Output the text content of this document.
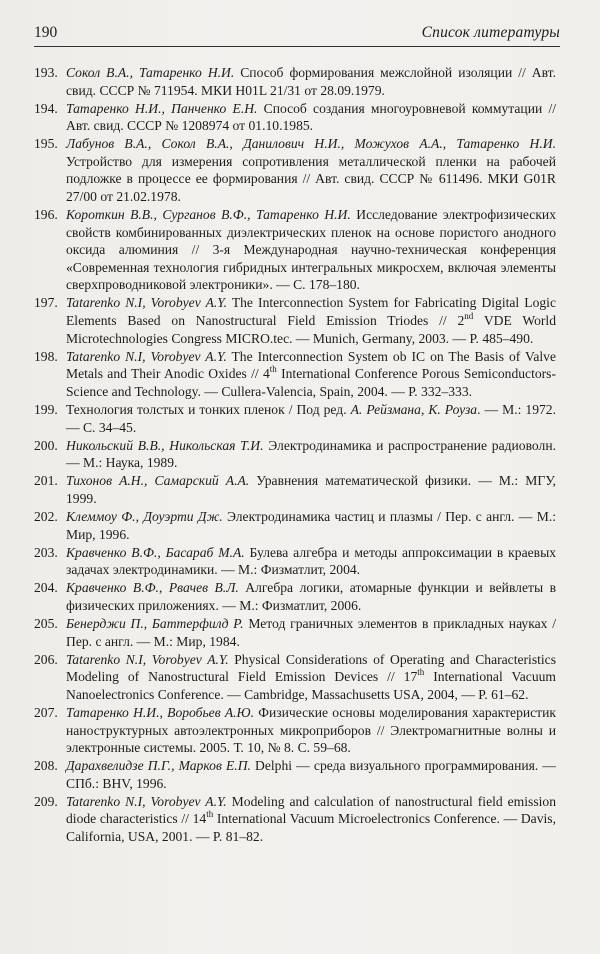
190	Список литературы
193. Сокол В.А., Татаренко Н.И. Способ формирования межслойной изоляции // Авт. свид. СССР № 711954. МКИ H01L 21/31 от 28.09.1979.
194. Татаренко Н.И., Панченко Е.Н. Способ создания многоуровневой коммутации // Авт. свид. СССР № 1208974 от 01.10.1985.
195. Лабунов В.А., Сокол В.А., Данилович Н.И., Можухов А.А., Татаренко Н.И. Устройство для измерения сопротивления металлической пленки на рабочей подложке в процессе ее формирования // Авт. свид. СССР № 611496. МКИ G01R 27/00 от 21.02.1978.
196. Короткин В.В., Сурганов В.Ф., Татаренко Н.И. Исследование электрофизических свойств комбинированных диэлектрических пленок на основе пористого анодного оксида алюминия // 3-я Международная научно-техническая конференция «Современная технология гибридных интегральных микросхем, включая элементы сверхпроводниковой электроники». — С. 178–180.
197. Tatarenko N.I, Vorobyev A.Y. The Interconnection System for Fabricating Digital Logic Elements Based on Nanostructural Field Emission Triodes // 2nd VDE World Microtechnologies Congress MICRO.tec. — Munich, Germany, 2003. — P. 485–490.
198. Tatarenko N.I, Vorobyev A.Y. The Interconnection System ob IC on The Basis of Valve Metals and Their Anodic Oxides // 4th International Conference Porous Semiconductors-Science and Technology. — Cullera-Valencia, Spain, 2004. — P. 332–333.
199. Технология толстых и тонких пленок / Под ред. А. Рейзмана, К. Роуза. — М.: 1972. — С. 34–45.
200. Никольский В.В., Никольская Т.И. Электродинамика и распространение радиоволн. — М.: Наука, 1989.
201. Тихонов А.Н., Самарский А.А. Уравнения математической физики. — М.: МГУ, 1999.
202. Клеммоу Ф., Доуэрти Дж. Электродинамика частиц и плазмы / Пер. с англ. — М.: Мир, 1996.
203. Кравченко В.Ф., Басараб М.А. Булева алгебра и методы аппроксимации в краевых задачах электродинамики. — М.: Физматлит, 2004.
204. Кравченко В.Ф., Рвачев В.Л. Алгебра логики, атомарные функции и вейвлеты в физических приложениях. — М.: Физматлит, 2006.
205. Бенерджи П., Баттерфилд Р. Метод граничных элементов в прикладных науках / Пер. с англ. — М.: Мир, 1984.
206. Tatarenko N.I, Vorobyev A.Y. Physical Considerations of Operating and Characteristics Modeling of Nanostructural Field Emission Devices // 17th International Vacuum Nanoelectronics Conference. — Cambridge, Massachusetts USA, 2004, — P. 61–62.
207. Татаренко Н.И., Воробьев А.Ю. Физические основы моделирования характеристик наноструктурных автоэлектронных микроприборов // Электромагнитные волны и электронные системы. 2005. Т. 10, № 8. С. 59–68.
208. Дарахвелидзе П.Г., Марков Е.П. Delphi — среда визуального программирования. — СПб.: BHV, 1996.
209. Tatarenko N.I, Vorobyev A.Y. Modeling and calculation of nanostructural field emission diode characteristics // 14th International Vacuum Microelectronics Conference. — Davis, California, USA, 2001. — P. 81–82.
